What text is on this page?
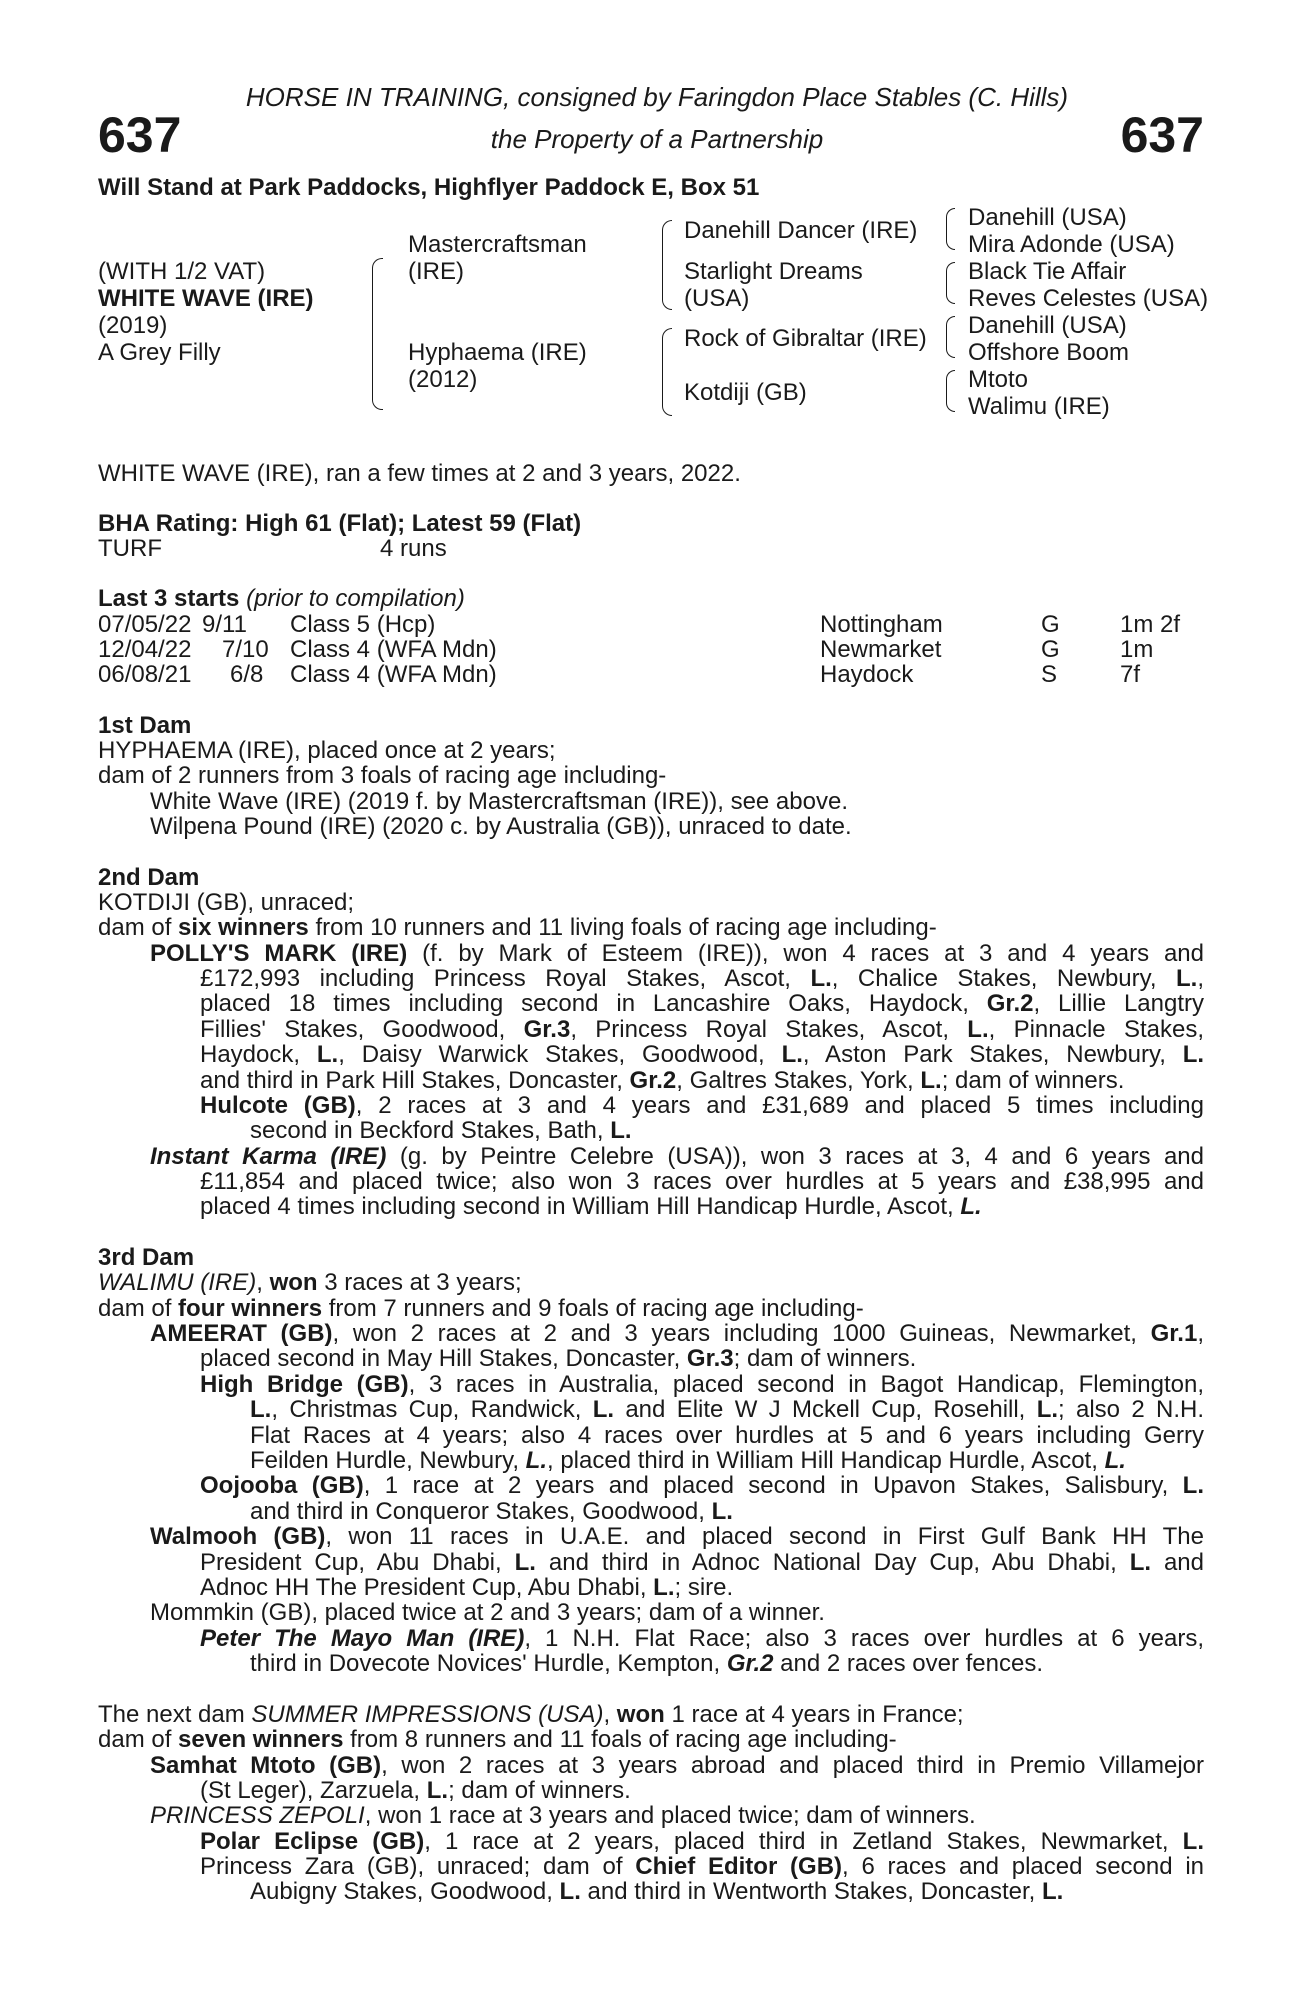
637	637
HORSE IN TRAINING, consigned by Faringdon Place Stables (C. Hills)
the Property of a Partnership
Will Stand at Park Paddocks, Highflyer Paddock E, Box 51
(WITH 1/2 VAT)
WHITE WAVE (IRE)
(2019)
A Grey Filly
Mastercraftsman
(IRE)
Hyphaema (IRE)
(2012)
Danehill Dancer (IRE)
Starlight Dreams
(USA)
Rock of Gibraltar (IRE)
Kotdiji (GB)
Danehill (USA)
Mira Adonde (USA)
Black Tie Affair
Reves Celestes (USA)
Danehill (USA)
Offshore Boom
Mtoto
Walimu (IRE)
WHITE WAVE (IRE), ran a few times at 2 and 3 years, 2022.
BHA Rating: High 61 (Flat); Latest 59 (Flat)
TURF	4 runs
Last 3 starts (prior to compilation)
07/05/22 9/11 Class 5 (Hcp)	Nottingham	G	1m 2f
12/04/22 7/10 Class 4 (WFA Mdn)	Newmarket	G	1m
06/08/21 6/8 Class 4 (WFA Mdn)	Haydock	S	7f
1st Dam
HYPHAEMA (IRE), placed once at 2 years;
dam of 2 runners from 3 foals of racing age including-
White Wave (IRE) (2019 f. by Mastercraftsman (IRE)), see above.
Wilpena Pound (IRE) (2020 c. by Australia (GB)), unraced to date.
2nd Dam
KOTDIJI (GB), unraced;
dam of six winners from 10 runners and 11 living foals of racing age including-
POLLY'S MARK (IRE) (f. by Mark of Esteem (IRE)), won 4 races at 3 and 4 years and
£172,993 including Princess Royal Stakes, Ascot, L., Chalice Stakes, Newbury, L.,
placed 18 times including second in Lancashire Oaks, Haydock, Gr.2, Lillie Langtry
Fillies' Stakes, Goodwood, Gr.3, Princess Royal Stakes, Ascot, L., Pinnacle Stakes,
Haydock, L., Daisy Warwick Stakes, Goodwood, L., Aston Park Stakes, Newbury, L.
and third in Park Hill Stakes, Doncaster, Gr.2, Galtres Stakes, York, L.; dam of winners.
Hulcote (GB), 2 races at 3 and 4 years and £31,689 and placed 5 times including
second in Beckford Stakes, Bath, L.
Instant Karma (IRE) (g. by Peintre Celebre (USA)), won 3 races at 3, 4 and 6 years and
£11,854 and placed twice; also won 3 races over hurdles at 5 years and £38,995 and
placed 4 times including second in William Hill Handicap Hurdle, Ascot, L.
3rd Dam
WALIMU (IRE), won 3 races at 3 years;
dam of four winners from 7 runners and 9 foals of racing age including-
AMEERAT (GB), won 2 races at 2 and 3 years including 1000 Guineas, Newmarket, Gr.1,
placed second in May Hill Stakes, Doncaster, Gr.3; dam of winners.
High Bridge (GB), 3 races in Australia, placed second in Bagot Handicap, Flemington,
L., Christmas Cup, Randwick, L. and Elite W J Mckell Cup, Rosehill, L.; also 2 N.H.
Flat Races at 4 years; also 4 races over hurdles at 5 and 6 years including Gerry
Feilden Hurdle, Newbury, L., placed third in William Hill Handicap Hurdle, Ascot, L.
Oojooba (GB), 1 race at 2 years and placed second in Upavon Stakes, Salisbury, L.
and third in Conqueror Stakes, Goodwood, L.
Walmooh (GB), won 11 races in U.A.E. and placed second in First Gulf Bank HH The
President Cup, Abu Dhabi, L. and third in Adnoc National Day Cup, Abu Dhabi, L. and
Adnoc HH The President Cup, Abu Dhabi, L.; sire.
Mommkin (GB), placed twice at 2 and 3 years; dam of a winner.
Peter The Mayo Man (IRE), 1 N.H. Flat Race; also 3 races over hurdles at 6 years,
third in Dovecote Novices' Hurdle, Kempton, Gr.2 and 2 races over fences.
The next dam SUMMER IMPRESSIONS (USA), won 1 race at 4 years in France;
dam of seven winners from 8 runners and 11 foals of racing age including-
Samhat Mtoto (GB), won 2 races at 3 years abroad and placed third in Premio Villamejor
(St Leger), Zarzuela, L.; dam of winners.
PRINCESS ZEPOLI, won 1 race at 3 years and placed twice; dam of winners.
Polar Eclipse (GB), 1 race at 2 years, placed third in Zetland Stakes, Newmarket, L.
Princess Zara (GB), unraced; dam of Chief Editor (GB), 6 races and placed second in
Aubigny Stakes, Goodwood, L. and third in Wentworth Stakes, Doncaster, L.
